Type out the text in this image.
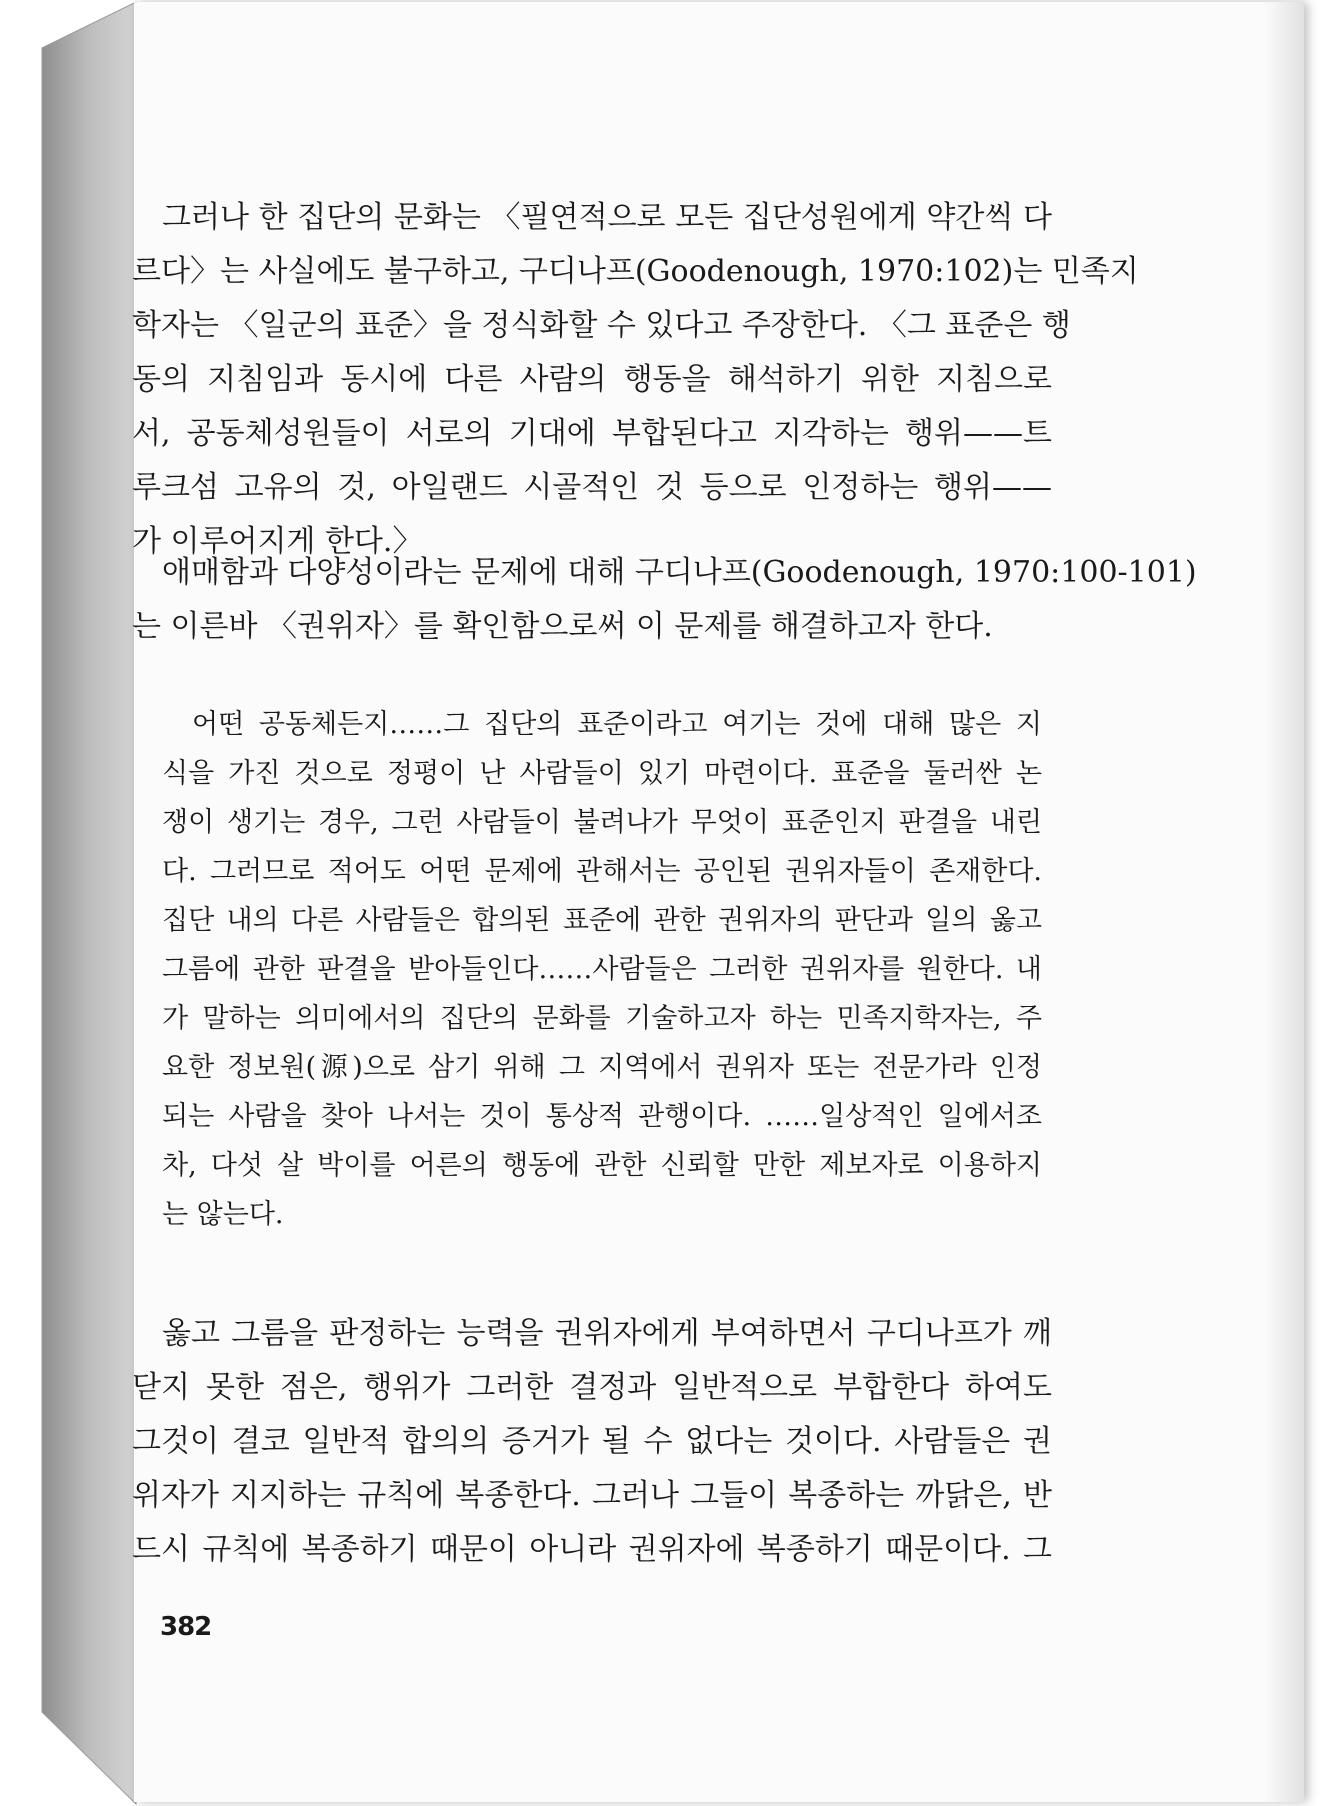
그러나 한 집단의 문화는 〈필연적으로 모든 집단성원에게 약간씩 다
르다〉는 사실에도 불구하고, 구디나프(Goodenough, 1970:102)는 민족지
학자는 〈일군의 표준〉을 정식화할 수 있다고 주장한다. 〈그 표준은 행
동의 지침임과 동시에 다른 사람의 행동을 해석하기 위한 지침으로
서, 공동체성원들이 서로의 기대에 부합된다고 지각하는 행위——트
루크섬 고유의 것, 아일랜드 시골적인 것 등으로 인정하는 행위——
가 이루어지게 한다.〉

애매함과 다양성이라는 문제에 대해 구디나프(Goodenough, 1970:100-101)
는 이른바 〈권위자〉를 확인함으로써 이 문제를 해결하고자 한다.

어떤 공동체든지……그 집단의 표준이라고 여기는 것에 대해 많은 지
식을 가진 것으로 정평이 난 사람들이 있기 마련이다. 표준을 둘러싼 논
쟁이 생기는 경우, 그런 사람들이 불려나가 무엇이 표준인지 판결을 내린
다. 그러므로 적어도 어떤 문제에 관해서는 공인된 권위자들이 존재한다.
집단 내의 다른 사람들은 합의된 표준에 관한 권위자의 판단과 일의 옳고
그름에 관한 판결을 받아들인다……사람들은 그러한 권위자를 원한다. 내
가 말하는 의미에서의 집단의 문화를 기술하고자 하는 민족지학자는, 주
요한 정보원(源)으로 삼기 위해 그 지역에서 권위자 또는 전문가라 인정
되는 사람을 찾아 나서는 것이 통상적 관행이다. ……일상적인 일에서조
차, 다섯 살 박이를 어른의 행동에 관한 신뢰할 만한 제보자로 이용하지
는 않는다.

옳고 그름을 판정하는 능력을 권위자에게 부여하면서 구디나프가 깨
닫지 못한 점은, 행위가 그러한 결정과 일반적으로 부합한다 하여도
그것이 결코 일반적 합의의 증거가 될 수 없다는 것이다. 사람들은 권
위자가 지지하는 규칙에 복종한다. 그러나 그들이 복종하는 까닭은, 반
드시 규칙에 복종하기 때문이 아니라 권위자에 복종하기 때문이다. 그

382
